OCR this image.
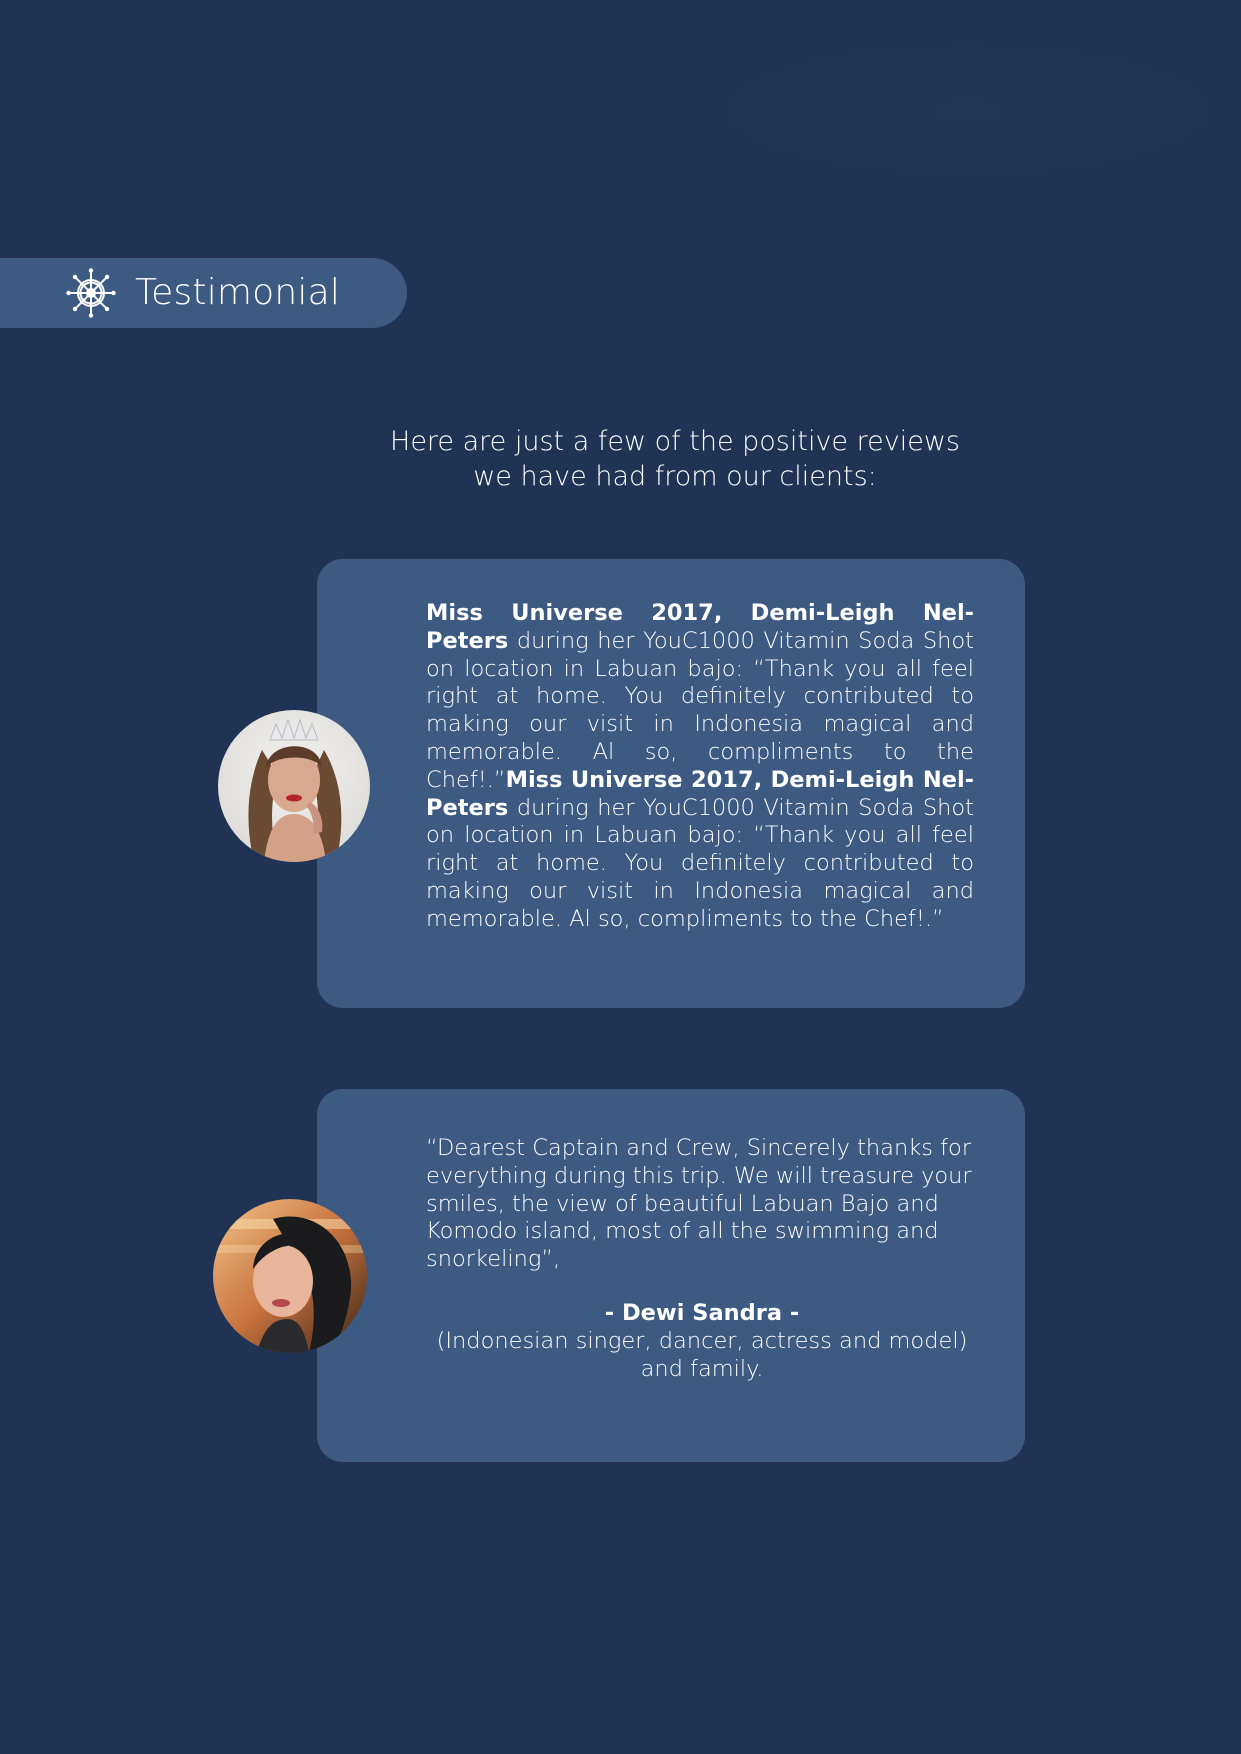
Testimonial
Here are just a few of the positive reviews
we have had from our clients:
Miss Universe 2017, Demi-Leigh Nel-Peters during her YouC1000 Vitamin Soda Shot on location in Labuan bajo: “Thank you all feel right at home. You definitely contributed to making our visit in Indonesia magical and memorable. Al so, compliments to the Chef!.”Miss Universe 2017, Demi-Leigh Nel-Peters during her YouC1000 Vitamin Soda Shot on location in Labuan bajo: “Thank you all feel right at home. You definitely contributed to making our visit in Indonesia magical and memorable. Al so, compliments to the Chef!.”
“Dearest Captain and Crew, Sincerely thanks for everything during this trip. We will treasure your smiles, the view of beautiful Labuan Bajo and Komodo island, most of all the swimming and snorkeling”,
- Dewi Sandra -
(Indonesian singer, dancer, actress and model) and family.
